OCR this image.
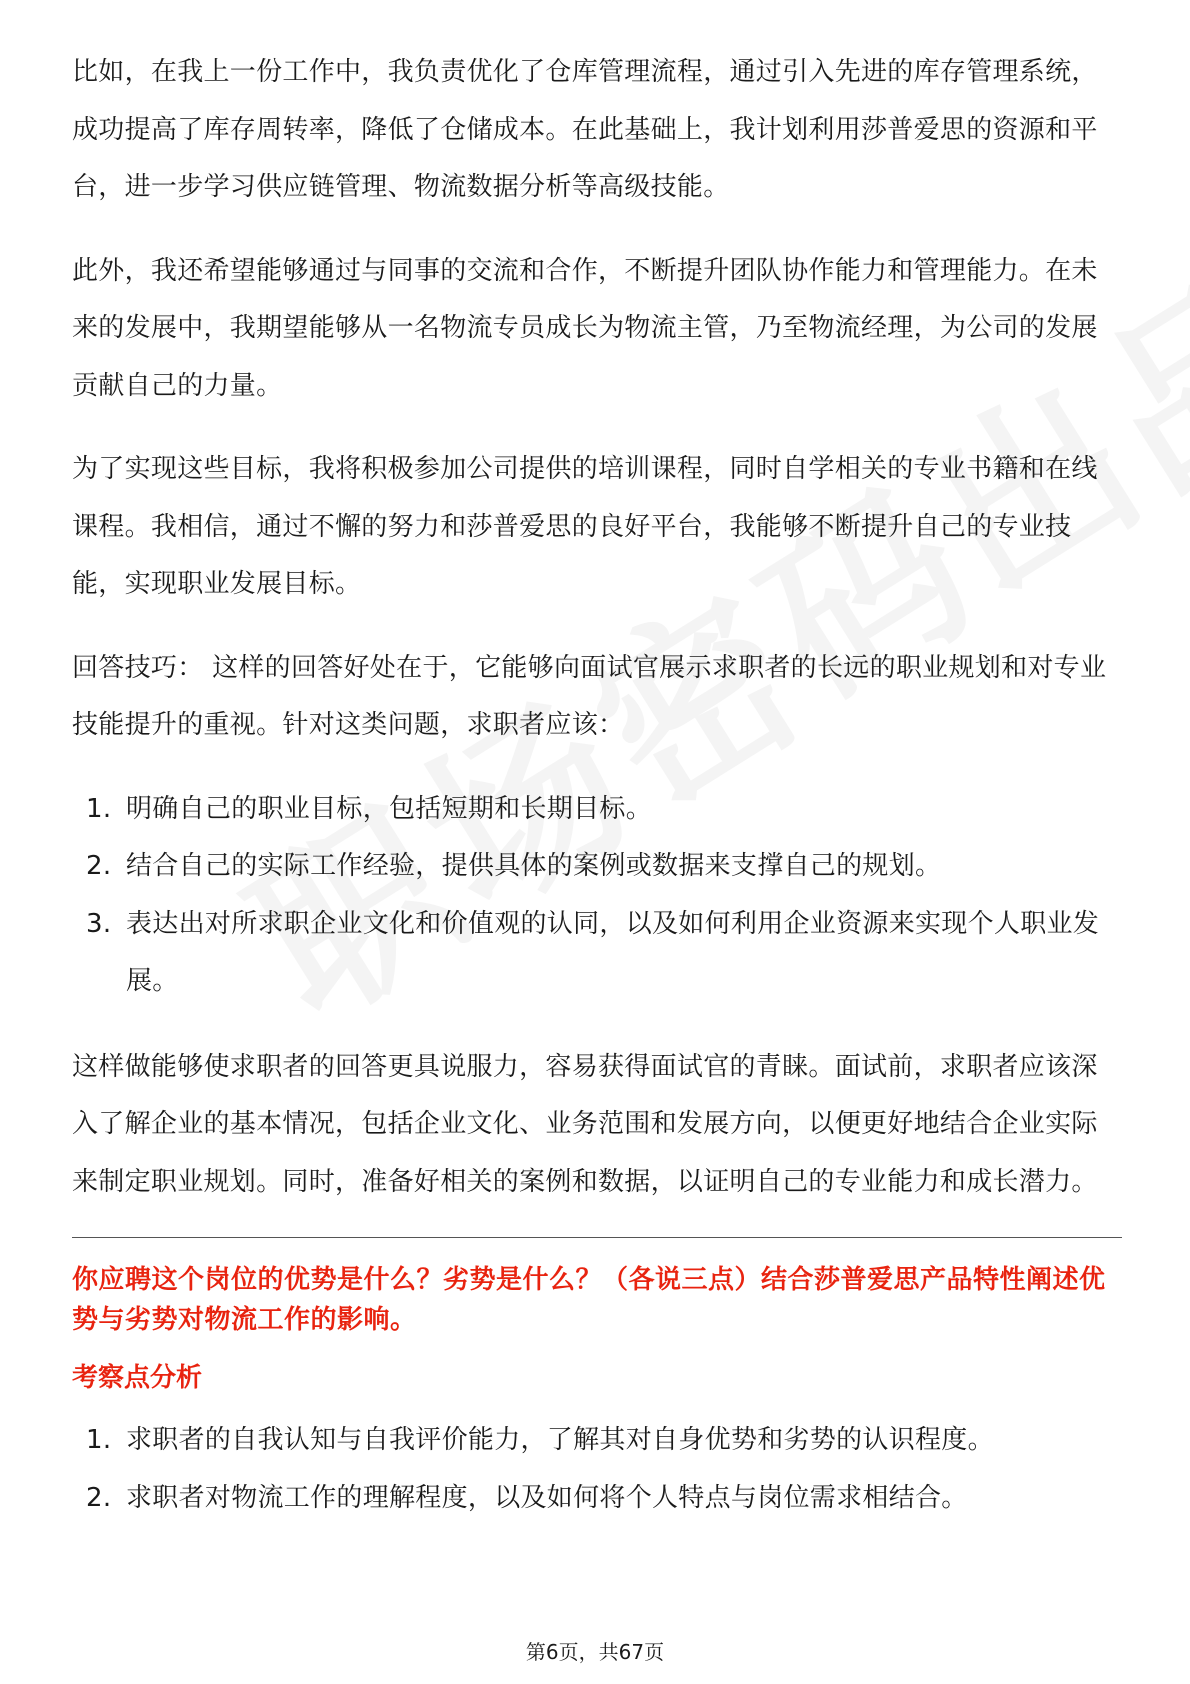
比如，在我上一份工作中，我负责优化了仓库管理流程，通过引入先进的库存管理系统，成功提高了库存周转率，降低了仓储成本。在此基础上，我计划利用莎普爱思的资源和平台，进一步学习供应链管理、物流数据分析等高级技能。

此外，我还希望能够通过与同事的交流和合作，不断提升团队协作能力和管理能力。在未来的发展中，我期望能够从一名物流专员成长为物流主管，乃至物流经理，为公司的发展贡献自己的力量。

为了实现这些目标，我将积极参加公司提供的培训课程，同时自学相关的专业书籍和在线课程。我相信，通过不懈的努力和莎普爱思的良好平台，我能够不断提升自己的专业技能，实现职业发展目标。

回答技巧： 这样的回答好处在于，它能够向面试官展示求职者的长远的职业规划和对专业技能提升的重视。针对这类问题，求职者应该：

1. 明确自己的职业目标，包括短期和长期目标。
2. 结合自己的实际工作经验，提供具体的案例或数据来支撑自己的规划。
3. 表达出对所求职企业文化和价值观的认同，以及如何利用企业资源来实现个人职业发展。

这样做能够使求职者的回答更具说服力，容易获得面试官的青睐。面试前，求职者应该深入了解企业的基本情况，包括企业文化、业务范围和发展方向，以便更好地结合企业实际来制定职业规划。同时，准备好相关的案例和数据，以证明自己的专业能力和成长潜力。

你应聘这个岗位的优势是什么？劣势是什么？（各说三点）结合莎普爱思产品特性阐述优势与劣势对物流工作的影响。
考察点分析
1. 求职者的自我认知与自我评价能力，了解其对自身优势和劣势的认识程度。
2. 求职者对物流工作的理解程度，以及如何将个人特点与岗位需求相结合。
第6页，共67页
